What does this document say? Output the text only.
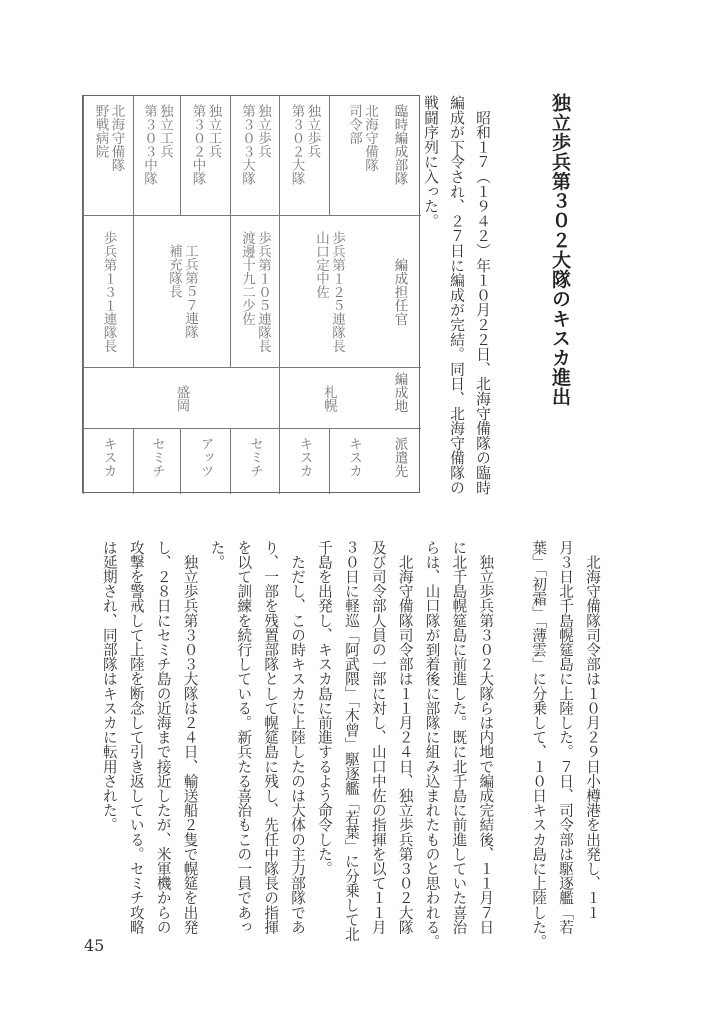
独立歩兵第３０２大隊のキスカ進出
　昭和１７（１９４２）年１０月２２日、北海守備隊の臨時
編成が下令され、２７日に編成が完結。同日、北海守備隊の
戦闘序列に入った。
臨時編成部隊
編成担任官
編成地
派遣先
北海守備隊
司令部
独立歩兵
第３０２大隊
独立歩兵
第３０３大隊
独立工兵
第３０２中隊
独立工兵
第３０３中隊
北海守備隊
野戦病院
歩兵第１２５連隊長
山口定中佐
歩兵第１０５連隊長
渡邊十九二少佐
工兵第５７連隊
補充隊長
歩兵第１３１連隊長
札幌
盛岡
キスカ
キスカ
セミチ
アッツ
セミチ
キスカ
　北海守備隊司令部は１０月２９日小樽港を出発し、１１
月３日北千島幌筵島に上陸した。７日、司令部は駆逐艦「若
葉」「初霜」「薄雲」に分乗して、１０日キスカ島に上陸した。
　独立歩兵第３０２大隊らは内地で編成完結後、１１月７日
に北千島幌筵島に前進した。既に北千島に前進していた喜治
らは、山口隊が到着後に部隊に組み込まれたものと思われる。
　北海守備隊司令部は１１月２４日、独立歩兵第３０２大隊
及び司令部人員の一部に対し、山口中佐の指揮を以て１１月
３０日に軽巡「阿武隈」「木曾」駆逐艦「若葉」に分乗して北
千島を出発し、キスカ島に前進するよう命令した。
　ただし、この時キスカに上陸したのは大体の主力部隊であ
り、一部を残置部隊として幌筵島に残し、先任中隊長の指揮
を以て訓練を続行している。新兵たる喜治もこの一員であっ
た。
　独立歩兵第３０３大隊は２４日、輸送船２隻で幌筵を出発
し、２８日にセミチ島の近海まで接近したが、米軍機からの
攻撃を警戒して上陸を断念して引き返している。セミチ攻略
は延期され、同部隊はキスカに転用された。
45
